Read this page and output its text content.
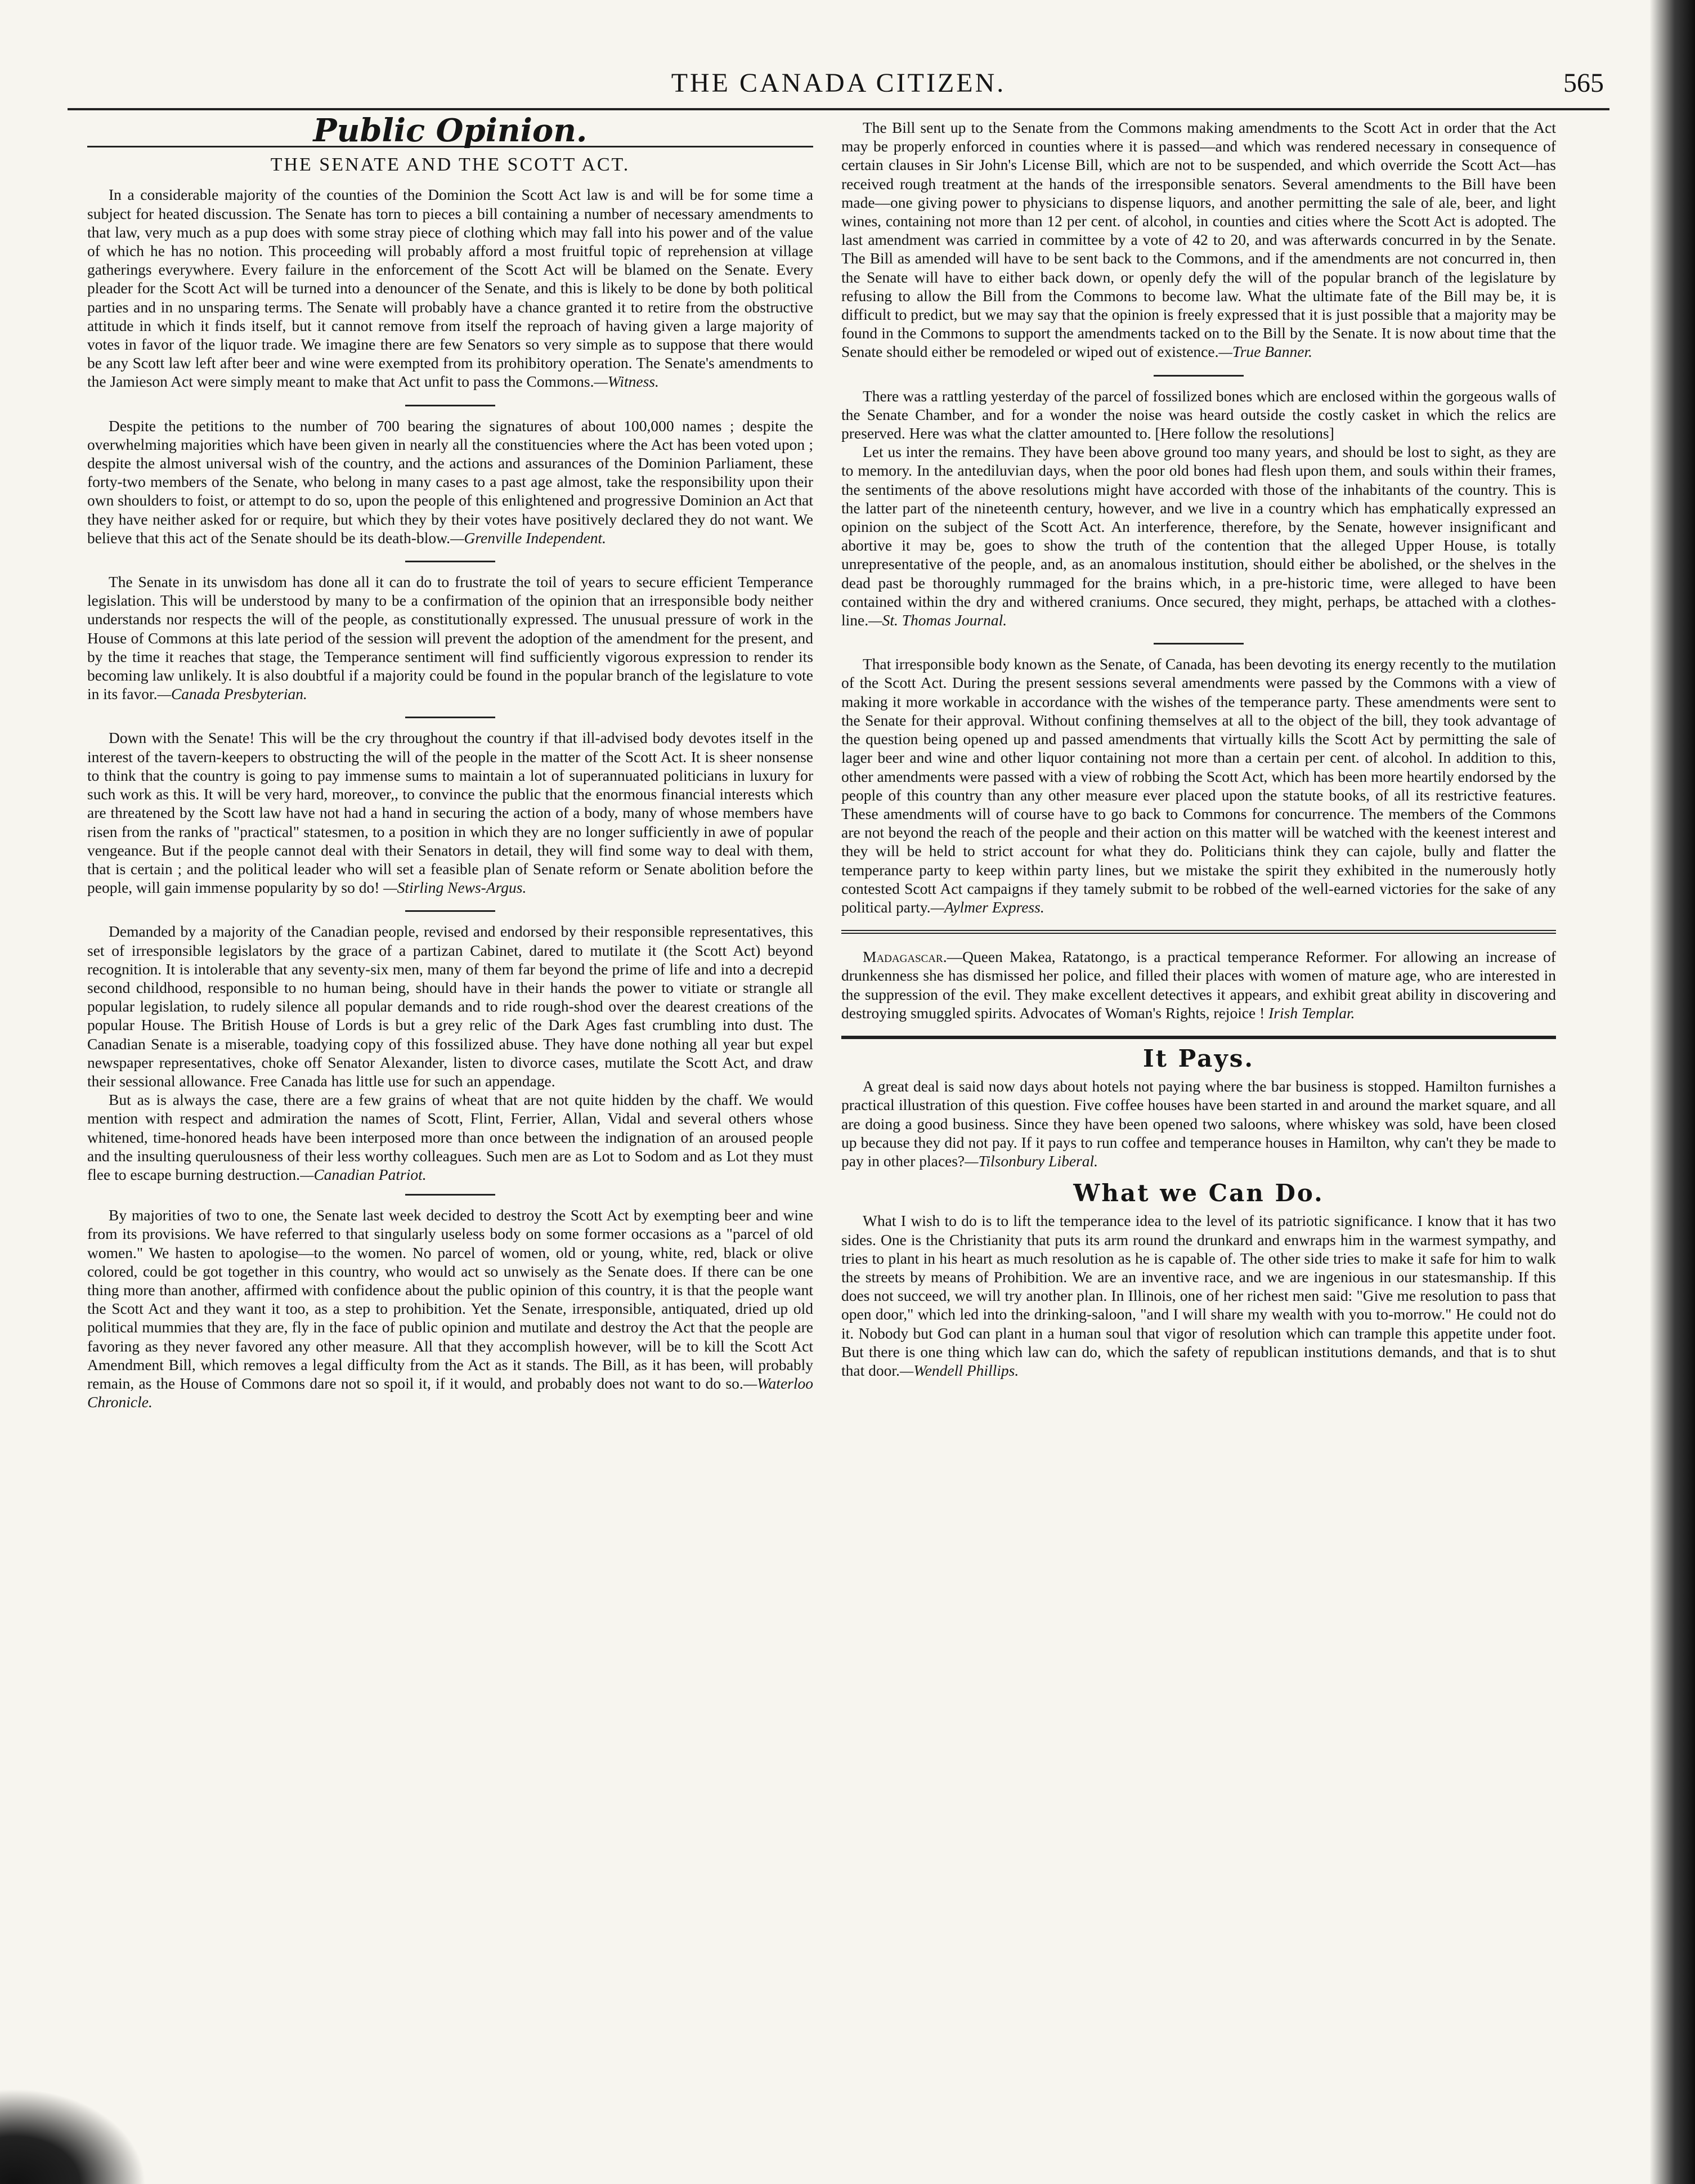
THE CANADA CITIZEN.	565
Public Opinion.
THE SENATE AND THE SCOTT ACT.

In a considerable majority of the counties of the Dominion the Scott Act law is and will be for some time a subject for heated discussion. The Senate has torn to pieces a bill containing a number of necessary amendments to that law, very much as a pup does with some stray piece of clothing which may fall into his power and of the value of which he has no notion. This proceeding will probably afford a most fruitful topic of reprehension at village gatherings everywhere. Every failure in the enforcement of the Scott Act will be blamed on the Senate. Every pleader for the Scott Act will be turned into a denouncer of the Senate, and this is likely to be done by both political parties and in no unsparing terms. The Senate will probably have a chance granted it to retire from the obstructive attitude in which it finds itself, but it cannot remove from itself the reproach of having given a large majority of votes in favor of the liquor trade. We imagine there are few Senators so very simple as to suppose that there would be any Scott law left after beer and wine were exempted from its prohibitory operation. The Senate's amendments to the Jamieson Act were simply meant to make that Act unfit to pass the Commons.—Witness.

Despite the petitions to the number of 700 bearing the signatures of about 100,000 names ; despite the overwhelming majorities which have been given in nearly all the constituencies where the Act has been voted upon ; despite the almost universal wish of the country, and the actions and assurances of the Dominion Parliament, these forty-two members of the Senate, who belong in many cases to a past age almost, take the responsibility upon their own shoulders to foist, or attempt to do so, upon the people of this enlightened and progressive Dominion an Act that they have neither asked for or require, but which they by their votes have positively declared they do not want. We believe that this act of the Senate should be its death-blow.—Grenville Independent.

The Senate in its unwisdom has done all it can do to frustrate the toil of years to secure efficient Temperance legislation. This will be understood by many to be a confirmation of the opinion that an irresponsible body neither understands nor respects the will of the people, as constitutionally expressed. The unusual pressure of work in the House of Commons at this late period of the session will prevent the adoption of the amendment for the present, and by the time it reaches that stage, the Temperance sentiment will find sufficiently vigorous expression to render its becoming law unlikely. It is also doubtful if a majority could be found in the popular branch of the legislature to vote in its favor.—Canada Presbyterian.

Down with the Senate! This will be the cry throughout the country if that ill-advised body devotes itself in the interest of the tavern-keepers to obstructing the will of the people in the matter of the Scott Act. It is sheer nonsense to think that the country is going to pay immense sums to maintain a lot of superannuated politicians in luxury for such work as this. It will be very hard, moreover,, to convince the public that the enormous financial interests which are threatened by the Scott law have not had a hand in securing the action of a body, many of whose members have risen from the ranks of "practical" statesmen, to a position in which they are no longer sufficiently in awe of popular vengeance. But if the people cannot deal with their Senators in detail, they will find some way to deal with them, that is certain ; and the political leader who will set a feasible plan of Senate reform or Senate abolition before the people, will gain immense popularity by so do! —Stirling News-Argus.

Demanded by a majority of the Canadian people, revised and endorsed by their responsible representatives, this set of irresponsible legislators by the grace of a partizan Cabinet, dared to mutilate it (the Scott Act) beyond recognition. It is intolerable that any seventy-six men, many of them far beyond the prime of life and into a decrepid second childhood, responsible to no human being, should have in their hands the power to vitiate or strangle all popular legislation, to rudely silence all popular demands and to ride rough-shod over the dearest creations of the popular House. The British House of Lords is but a grey relic of the Dark Ages fast crumbling into dust. The Canadian Senate is a miserable, toadying copy of this fossilized abuse. They have done nothing all year but expel newspaper representatives, choke off Senator Alexander, listen to divorce cases, mutilate the Scott Act, and draw their sessional allowance. Free Canada has little use for such an appendage.

But as is always the case, there are a few grains of wheat that are not quite hidden by the chaff. We would mention with respect and admiration the names of Scott, Flint, Ferrier, Allan, Vidal and several others whose whitened, time-honored heads have been interposed more than once between the indignation of an aroused people and the insulting querulousness of their less worthy colleagues. Such men are as Lot to Sodom and as Lot they must flee to escape burning destruction.—Canadian Patriot.

By majorities of two to one, the Senate last week decided to destroy the Scott Act by exempting beer and wine from its provisions. We have referred to that singularly useless body on some former occasions as a "parcel of old women." We hasten to apologise—to the women. No parcel of women, old or young, white, red, black or olive colored, could be got together in this country, who would act so unwisely as the Senate does. If there can be one thing more than another, affirmed with confidence about the public opinion of this country, it is that the people want the Scott Act and they want it too, as a step to prohibition. Yet the Senate, irresponsible, antiquated, dried up old political mummies that they are, fly in the face of public opinion and mutilate and destroy the Act that the people are favoring as they never favored any other measure. All that they accomplish however, will be to kill the Scott Act Amendment Bill, which removes a legal difficulty from the Act as it stands. The Bill, as it has been, will probably remain, as the House of Commons dare not so spoil it, if it would, and probably does not want to do so.—Waterloo Chronicle.

The Bill sent up to the Senate from the Commons making amendments to the Scott Act in order that the Act may be properly enforced in counties where it is passed—and which was rendered necessary in consequence of certain clauses in Sir John's License Bill, which are not to be suspended, and which override the Scott Act—has received rough treatment at the hands of the irresponsible senators. Several amendments to the Bill have been made—one giving power to physicians to dispense liquors, and another permitting the sale of ale, beer, and light wines, containing not more than 12 per cent. of alcohol, in counties and cities where the Scott Act is adopted. The last amendment was carried in committee by a vote of 42 to 20, and was afterwards concurred in by the Senate. The Bill as amended will have to be sent back to the Commons, and if the amendments are not concurred in, then the Senate will have to either back down, or openly defy the will of the popular branch of the legislature by refusing to allow the Bill from the Commons to become law. What the ultimate fate of the Bill may be, it is difficult to predict, but we may say that the opinion is freely expressed that it is just possible that a majority may be found in the Commons to support the amendments tacked on to the Bill by the Senate. It is now about time that the Senate should either be remodeled or wiped out of existence.—True Banner.

There was a rattling yesterday of the parcel of fossilized bones which are enclosed within the gorgeous walls of the Senate Chamber, and for a wonder the noise was heard outside the costly casket in which the relics are preserved. Here was what the clatter amounted to. [Here follow the resolutions]

Let us inter the remains. They have been above ground too many years, and should be lost to sight, as they are to memory. In the antediluvian days, when the poor old bones had flesh upon them, and souls within their frames, the sentiments of the above resolutions might have accorded with those of the inhabitants of the country. This is the latter part of the nineteenth century, however, and we live in a country which has emphatically expressed an opinion on the subject of the Scott Act. An interference, therefore, by the Senate, however insignificant and abortive it may be, goes to show the truth of the contention that the alleged Upper House, is totally unrepresentative of the people, and, as an anomalous institution, should either be abolished, or the shelves in the dead past be thoroughly rummaged for the brains which, in a pre-historic time, were alleged to have been contained within the dry and withered craniums. Once secured, they might, perhaps, be attached with a clothes-line.—St. Thomas Journal.

That irresponsible body known as the Senate, of Canada, has been devoting its energy recently to the mutilation of the Scott Act. During the present sessions several amendments were passed by the Commons with a view of making it more workable in accordance with the wishes of the temperance party. These amendments were sent to the Senate for their approval. Without confining themselves at all to the object of the bill, they took advantage of the question being opened up and passed amendments that virtually kills the Scott Act by permitting the sale of lager beer and wine and other liquor containing not more than a certain per cent. of alcohol. In addition to this, other amendments were passed with a view of robbing the Scott Act, which has been more heartily endorsed by the people of this country than any other measure ever placed upon the statute books, of all its restrictive features. These amendments will of course have to go back to Commons for concurrence. The members of the Commons are not beyond the reach of the people and their action on this matter will be watched with the keenest interest and they will be held to strict account for what they do. Politicians think they can cajole, bully and flatter the temperance party to keep within party lines, but we mistake the spirit they exhibited in the numerously hotly contested Scott Act campaigns if they tamely submit to be robbed of the well-earned victories for the sake of any political party.—Aylmer Express.

Madagascar.—Queen Makea, Ratatongo, is a practical temperance Reformer. For allowing an increase of drunkenness she has dismissed her police, and filled their places with women of mature age, who are interested in the suppression of the evil. They make excellent detectives it appears, and exhibit great ability in discovering and destroying smuggled spirits. Advocates of Woman's Rights, rejoice ! Irish Templar.

It Pays.

A great deal is said now days about hotels not paying where the bar business is stopped. Hamilton furnishes a practical illustration of this question. Five coffee houses have been started in and around the market square, and all are doing a good business. Since they have been opened two saloons, where whiskey was sold, have been closed up because they did not pay. If it pays to run coffee and temperance houses in Hamilton, why can't they be made to pay in other places?—Tilsonbury Liberal.

What we Can Do.

What I wish to do is to lift the temperance idea to the level of its patriotic significance. I know that it has two sides. One is the Christianity that puts its arm round the drunkard and enwraps him in the warmest sympathy, and tries to plant in his heart as much resolution as he is capable of. The other side tries to make it safe for him to walk the streets by means of Prohibition. We are an inventive race, and we are ingenious in our statesmanship. If this does not succeed, we will try another plan. In Illinois, one of her richest men said: "Give me resolution to pass that open door," which led into the drinking-saloon, "and I will share my wealth with you to-morrow." He could not do it. Nobody but God can plant in a human soul that vigor of resolution which can trample this appetite under foot. But there is one thing which law can do, which the safety of republican institutions demands, and that is to shut that door.—Wendell Phillips.
